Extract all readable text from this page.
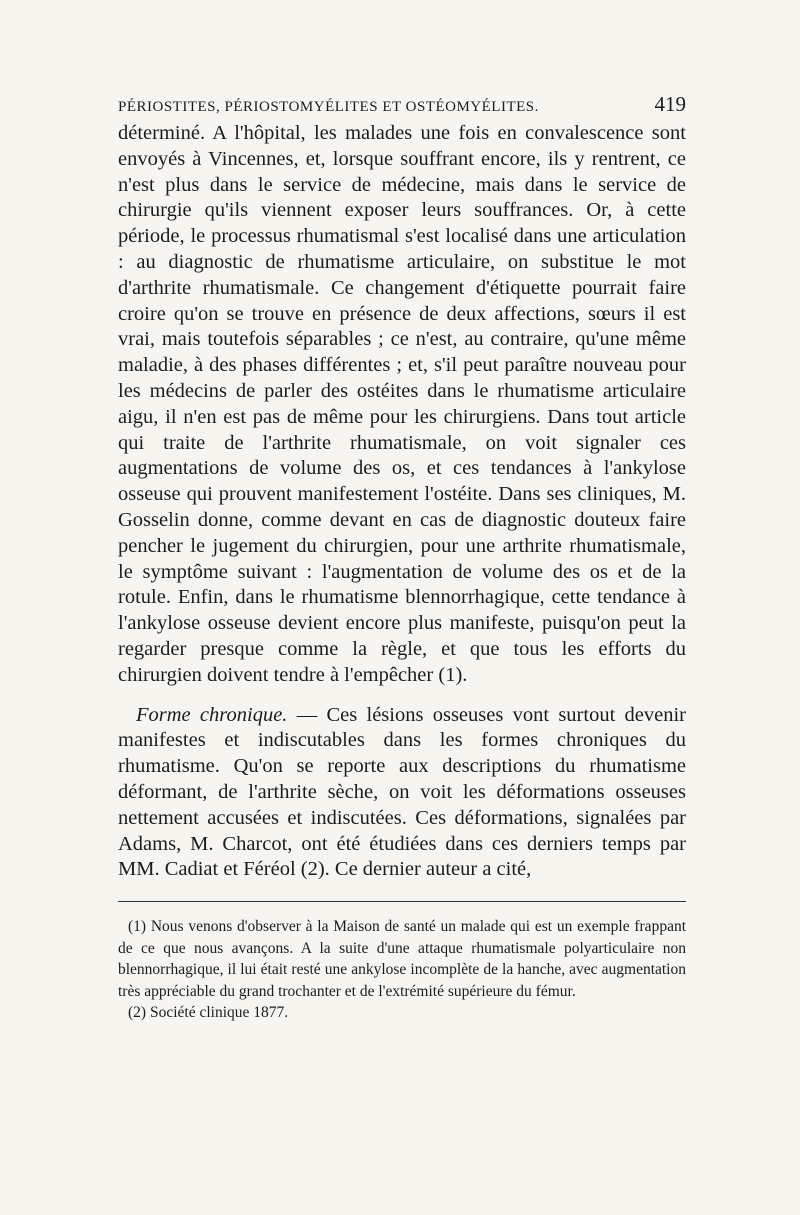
PÉRIOSTITES, PÉRIOSTOMYÉLITES ET OSTÉOMYÉLITES.	419

déterminé. A l'hôpital, les malades une fois en convalescence sont envoyés à Vincennes, et, lorsque souffrant encore, ils y rentrent, ce n'est plus dans le service de médecine, mais dans le service de chirurgie qu'ils viennent exposer leurs souffrances. Or, à cette période, le processus rhumatismal s'est localisé dans une articulation : au diagnostic de rhumatisme articulaire, on substitue le mot d'arthrite rhumatismale. Ce changement d'étiquette pourrait faire croire qu'on se trouve en présence de deux affections, sœurs il est vrai, mais toutefois séparables ; ce n'est, au contraire, qu'une même maladie, à des phases différentes ; et, s'il peut paraître nouveau pour les médecins de parler des ostéites dans le rhumatisme articulaire aigu, il n'en est pas de même pour les chirurgiens. Dans tout article qui traite de l'arthrite rhumatismale, on voit signaler ces augmentations de volume des os, et ces tendances à l'ankylose osseuse qui prouvent manifestement l'ostéite. Dans ses cliniques, M. Gosselin donne, comme devant en cas de diagnostic douteux faire pencher le jugement du chirurgien, pour une arthrite rhumatismale, le symptôme suivant : l'augmentation de volume des os et de la rotule. Enfin, dans le rhumatisme blennorrhagique, cette tendance à l'ankylose osseuse devient encore plus manifeste, puisqu'on peut la regarder presque comme la règle, et que tous les efforts du chirurgien doivent tendre à l'empêcher (1).

Forme chronique. — Ces lésions osseuses vont surtout devenir manifestes et indiscutables dans les formes chroniques du rhumatisme. Qu'on se reporte aux descriptions du rhumatisme déformant, de l'arthrite sèche, on voit les déformations osseuses nettement accusées et indiscutées. Ces déformations, signalées par Adams, M. Charcot, ont été étudiées dans ces derniers temps par MM. Cadiat et Féréol (2). Ce dernier auteur a cité,

(1) Nous venons d'observer à la Maison de santé un malade qui est un exemple frappant de ce que nous avançons. A la suite d'une attaque rhumatismale polyarticulaire non blennorrhagique, il lui était resté une ankylose incomplète de la hanche, avec augmentation très appréciable du grand trochanter et de l'extrémité supérieure du fémur.

(2) Société clinique 1877.
